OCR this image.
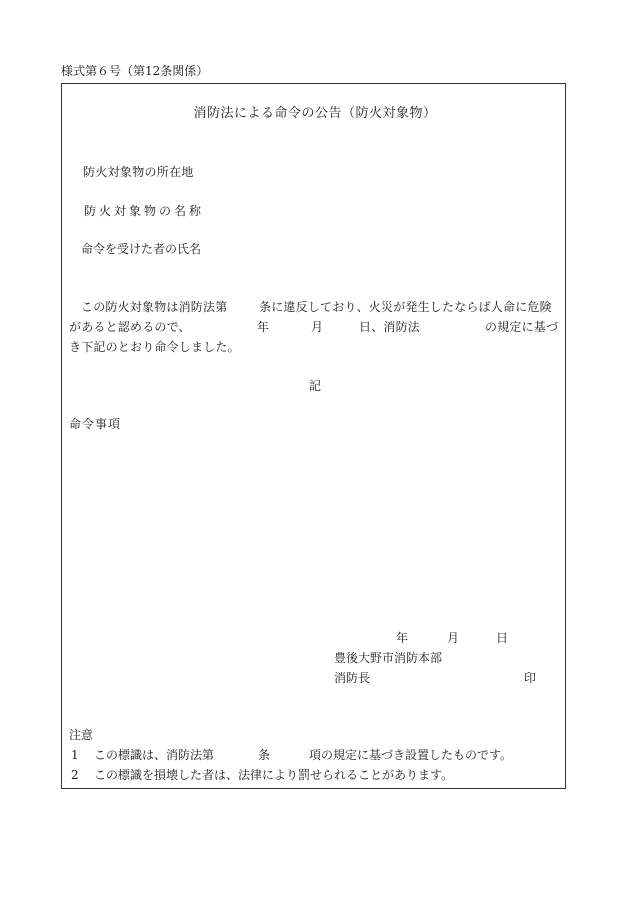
様式第６号（第12条関係）
消防法による命令の公告（防火対象物）
防火対象物の所在地
防火対象物の名称
命令を受けた者の氏名
この防火対象物は消防法第	条に違反しており、火災が発生したならば人命に危険
があると認めるので、	年	月	日、消防法	の規定に基づ
き下記のとおり命令しました。
記
命令事項
年	月	日
豊後大野市消防本部
消防長	印
注意
1 この標識は、消防法第	条	項の規定に基づき設置したものです。
2 この標識を損壊した者は、法律により罰せられることがあります。
